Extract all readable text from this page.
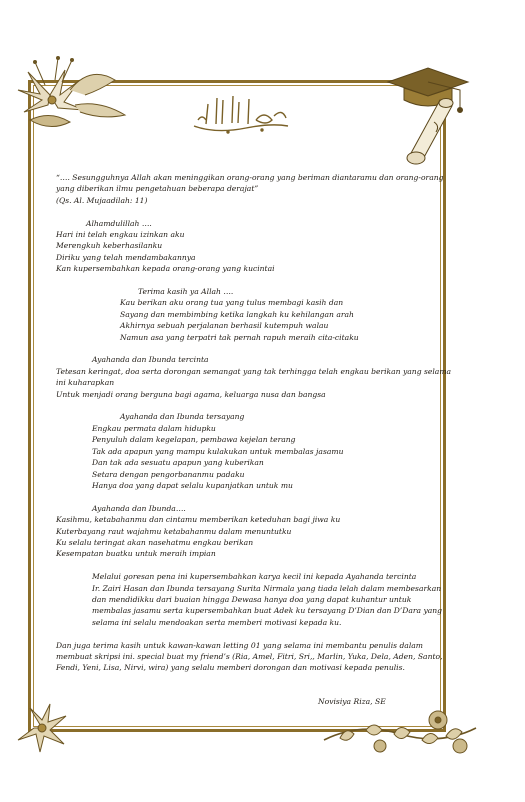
“…. Sesungguhnya Allah akan meninggikan orang-orang yang beriman diantaramu dan orang-orang
yang diberikan ilmu pengetahuan beberapa derajat”
(Qs. Al. Mujaadilah: 11)
Alhamdulillah ….
Hari ini telah engkau izinkan aku
Merengkuh keberhasilanku
Diriku yang telah mendambakannya
Kan kupersembahkan kepada orang-orang yang kucintai
Terima kasih ya Allah ….
Kau berikan aku orang tua yang tulus membagi kasih dan
Sayang dan membimbing ketika langkah ku kehilangan arah
Akhirnya sebuah perjalanan berhasil kutempuh walau
Namun asa yang terpatri tak pernah rapuh meraih cita-citaku
Ayahanda dan Ibunda tercinta
Tetesan keringat, doa serta dorongan semangat yang tak terhingga telah engkau berikan yang selama
ini kuharapkan
Untuk menjadi orang berguna bagi agama, keluarga nusa dan bangsa
Ayahanda dan Ibunda tersayang
Engkau permata dalam hidupku
Penyuluh dalam kegelapan, pembawa kejelan terang
Tak ada apapun yang mampu kulakukan untuk membalas jasamu
Dan tak ada sesuatu apapun yang kuberikan
Setara dengan pengorbananmu padaku
Hanya doa yang dapat selalu kupanjatkan untuk mu
Ayahanda dan Ibunda….
Kasihmu, ketabahanmu dan cintamu memberikan keteduhan bagi jiwa ku
Kuterbayang raut wajahmu ketabahanmu dalam menuntutku
Ku selalu teringat akan nasehatmu engkau berikan
Kesempatan buatku untuk meraih impian
Melalui goresan pena ini kupersembahkan karya kecil ini kepada Ayahanda tercinta
Ir. Zairi Hasan dan Ibunda tersayang Surita Nirmala yang tiada lelah dalam membesarkan
dan mendidikku dari buaian hingga Dewasa hanya doa yang dapat kuhantur untuk
membalas jasamu serta kupersembahkan buat Adek ku tersayang D’Dian dan D’Dara yang
selama ini selalu mendoakan serta memberi motivasi kepada ku.
Dan juga terima kasih untuk kawan-kawan letting 01 yang selama ini membantu penulis dalam
membuat skripsi ini. special buat my friend’s (Ria, Amel, Fitri, Sri,, Marlin, Yuka, Dela, Aden, Santo,
Fendi, Yeni, Lisa, Nirvi, wira) yang selalu memberi dorongan dan motivasi kepada penulis.
Novisiya Riza, SE
